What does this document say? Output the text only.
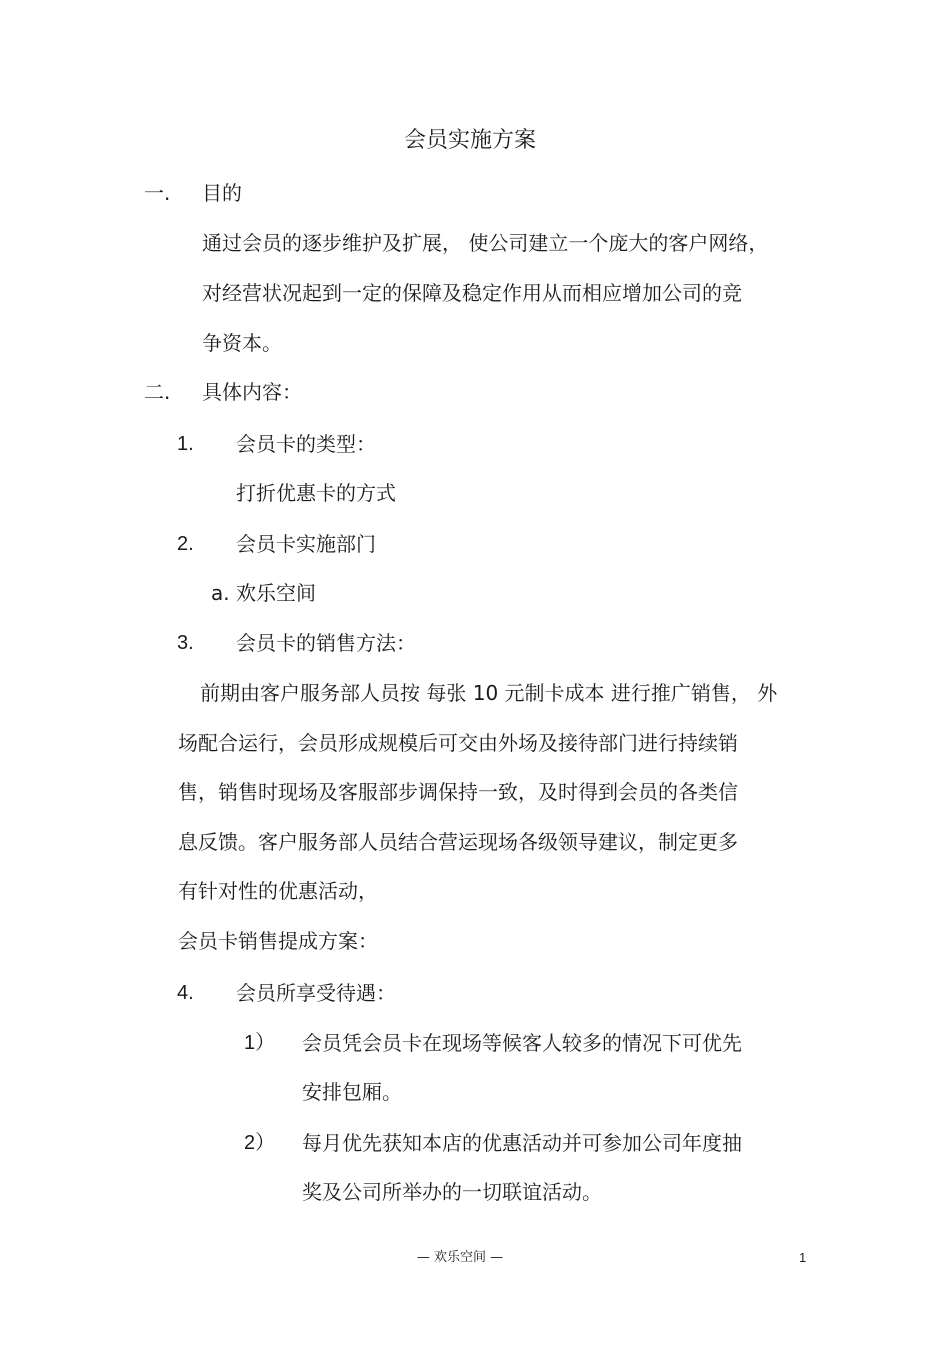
会员实施方案
一. 目的
通过会员的逐步维护及扩展， 使公司建立一个庞大的客户网络，
对经营状况起到一定的保障及稳定作用从而相应增加公司的竞
争资本。
二. 具体内容：
1. 会员卡的类型：
打折优惠卡的方式
2. 会员卡实施部门
a. 欢乐空间
3. 会员卡的销售方法：
前期由客户服务部人员按 每张 10 元制卡成本 进行推广销售， 外
场配合运行，会员形成规模后可交由外场及接待部门进行持续销
售，销售时现场及客服部步调保持一致，及时得到会员的各类信
息反馈。客户服务部人员结合营运现场各级领导建议，制定更多
有针对性的优惠活动，
会员卡销售提成方案：
4. 会员所享受待遇：
1） 会员凭会员卡在现场等候客人较多的情况下可优先
安排包厢。
2） 每月优先获知本店的优惠活动并可参加公司年度抽
奖及公司所举办的一切联谊活动。
— 欢乐空间 —	1
